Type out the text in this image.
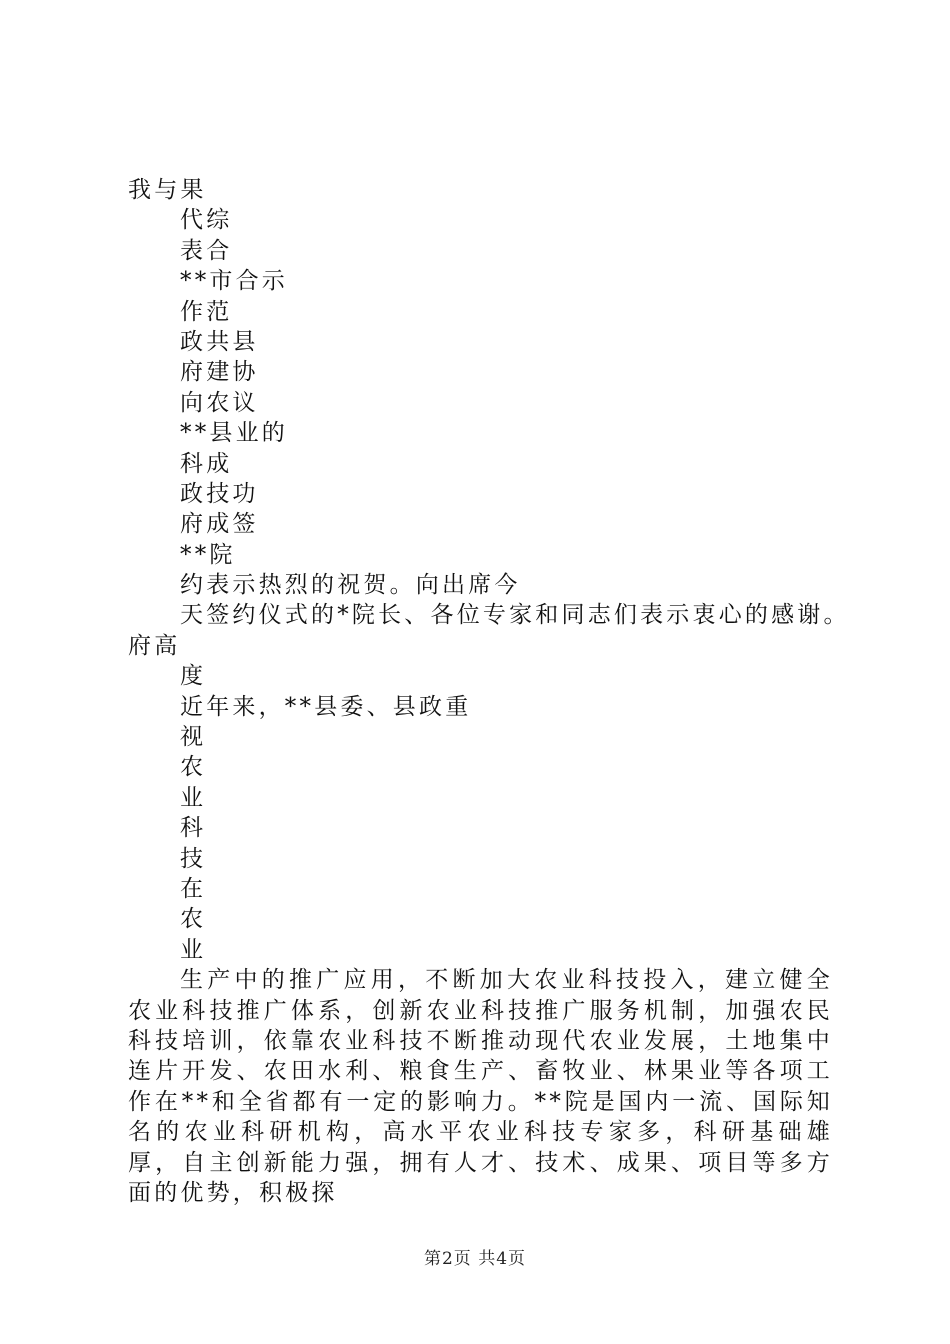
我与果
代综
表合
**市合示
作范
政共县
府建协
向农议
**县业的
科成
政技功
府成签
**院
约表示热烈的祝贺。向出席今
天签约仪式的*院长、各位专家和同志们表示衷心的感谢。
府高
度
近年来，**县委、县政重
视
农
业
科
技
在
农
业
生产中的推广应用，不断加大农业科技投入，建立健全农业科技推广体系，创新农业科技推广服务机制，加强农民科技培训，依靠农业科技不断推动现代农业发展，土地集中连片开发、农田水利、粮食生产、畜牧业、林果业等各项工作在**和全省都有一定的影响力。**院是国内一流、国际知名的农业科研机构，高水平农业科技专家多，科研基础雄厚，自主创新能力强，拥有人才、技术、成果、项目等多方面的优势，积极探
第2页 共4页
